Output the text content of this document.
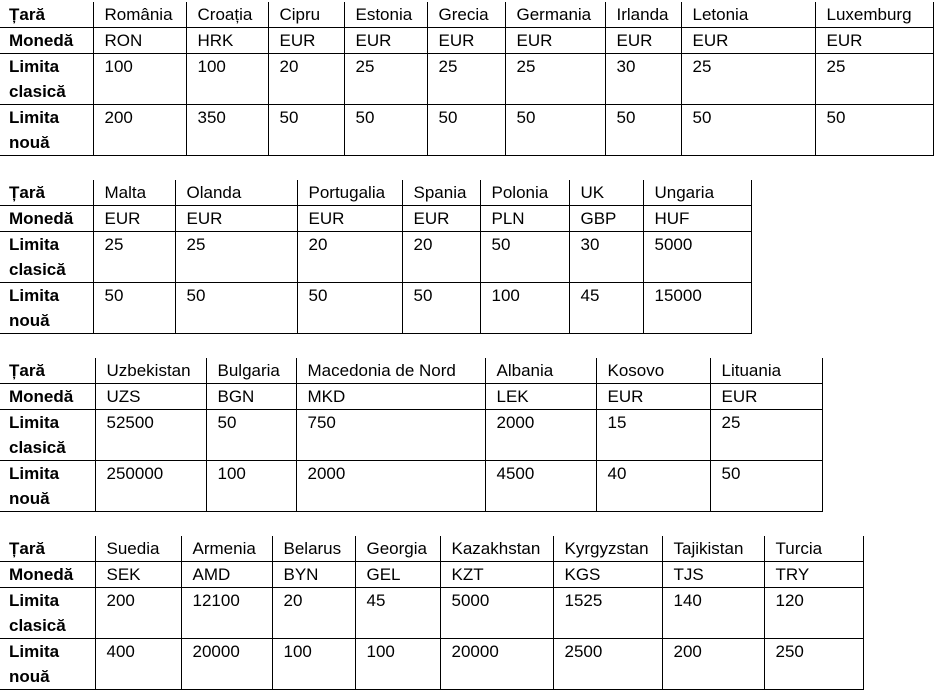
Țară	România	Croația	Cipru	Estonia	Grecia	Germania	Irlanda	Letonia	Luxemburg
Monedă	RON	HRK	EUR	EUR	EUR	EUR	EUR	EUR	EUR
Limita clasică	100	100	20	25	25	25	30	25	25
Limita nouă	200	350	50	50	50	50	50	50	50
Țară	Malta	Olanda	Portugalia	Spania	Polonia	UK	Ungaria
Monedă	EUR	EUR	EUR	EUR	PLN	GBP	HUF
Limita clasică	25	25	20	20	50	30	5000
Limita nouă	50	50	50	50	100	45	15000
Țară	Uzbekistan	Bulgaria	Macedonia de Nord	Albania	Kosovo	Lituania
Monedă	UZS	BGN	MKD	LEK	EUR	EUR
Limita clasică	52500	50	750	2000	15	25
Limita nouă	250000	100	2000	4500	40	50
Țară	Suedia	Armenia	Belarus	Georgia	Kazakhstan	Kyrgyzstan	Tajikistan	Turcia
Monedă	SEK	AMD	BYN	GEL	KZT	KGS	TJS	TRY
Limita clasică	200	12100	20	45	5000	1525	140	120
Limita nouă	400	20000	100	100	20000	2500	200	250
